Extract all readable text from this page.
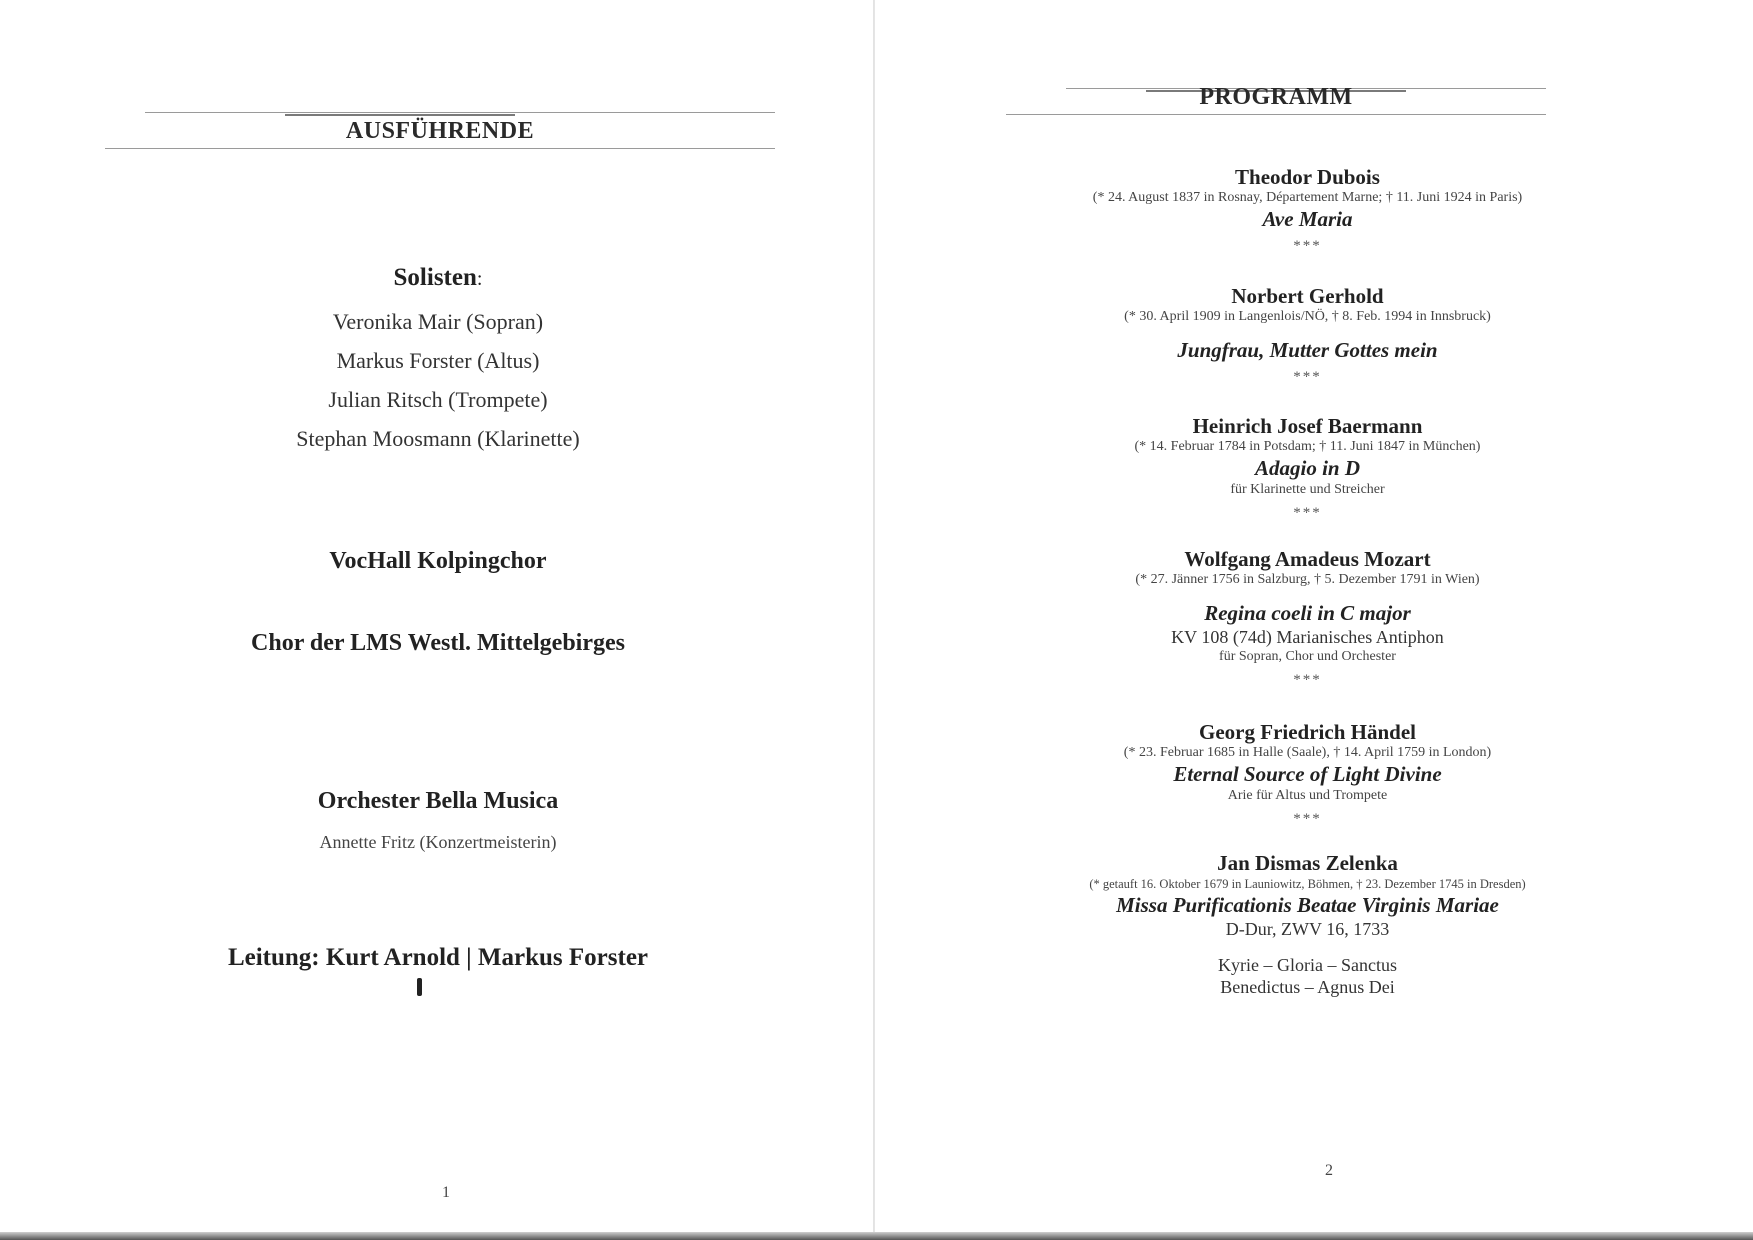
AUSFÜHRENDE
Solisten:
Veronika Mair (Sopran)
Markus Forster (Altus)
Julian Ritsch (Trompete)
Stephan Moosmann (Klarinette)
VocHall Kolpingchor
Chor der LMS Westl. Mittelgebirges
Orchester Bella Musica
Annette Fritz (Konzertmeisterin)
Leitung: Kurt Arnold | Markus Forster
1
PROGRAMM
Theodor Dubois
(* 24. August 1837 in Rosnay, Département Marne; † 11. Juni 1924 in Paris)
Ave Maria
***
Norbert Gerhold
(* 30. April 1909 in Langenlois/NÖ, † 8. Feb. 1994 in Innsbruck)
Jungfrau, Mutter Gottes mein
***
Heinrich Josef Baermann
(* 14. Februar 1784 in Potsdam; † 11. Juni 1847 in München)
Adagio in D
für Klarinette und Streicher
***
Wolfgang Amadeus Mozart
(* 27. Jänner 1756 in Salzburg, † 5. Dezember 1791 in Wien)
Regina coeli in C major
KV 108 (74d) Marianisches Antiphon
für Sopran, Chor und Orchester
***
Georg Friedrich Händel
(* 23. Februar 1685 in Halle (Saale), † 14. April 1759 in London)
Eternal Source of Light Divine
Arie für Altus und Trompete
***
Jan Dismas Zelenka
(* getauft 16. Oktober 1679 in Launiowitz, Böhmen, † 23. Dezember 1745 in Dresden)
Missa Purificationis Beatae Virginis Mariae
D-Dur, ZWV 16, 1733
Kyrie – Gloria – Sanctus
Benedictus – Agnus Dei
2
